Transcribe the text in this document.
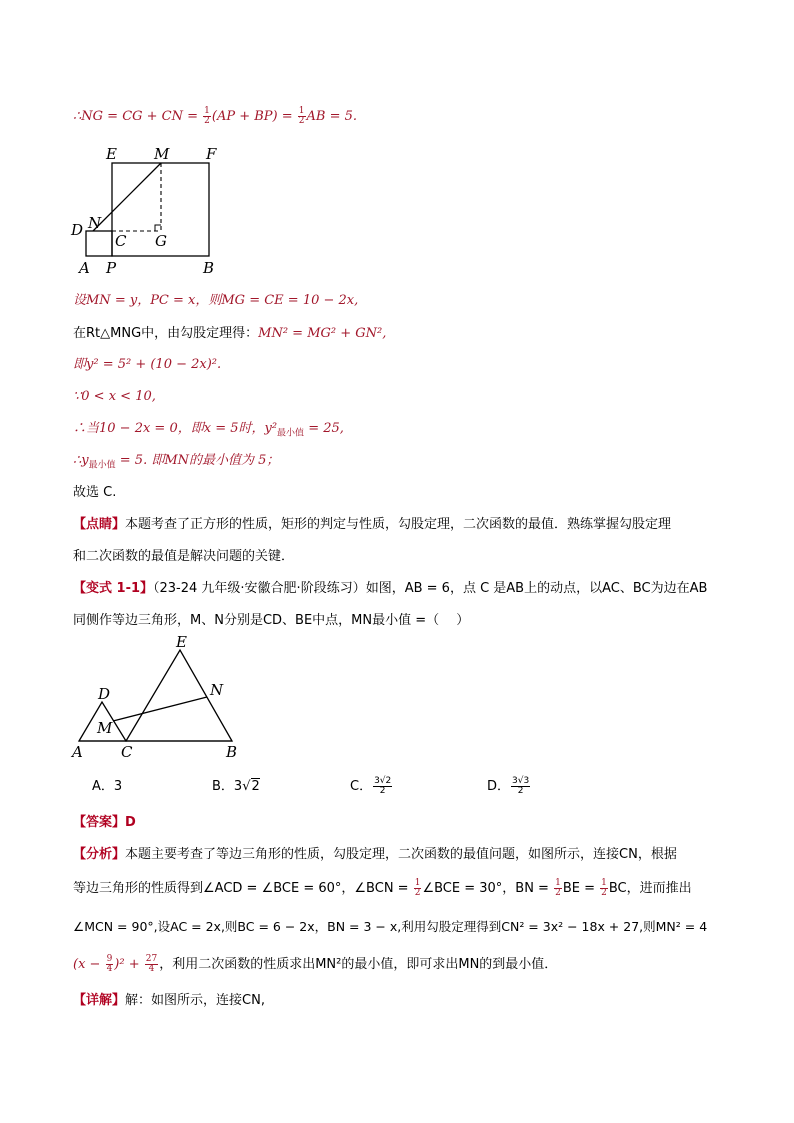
∴NG = CG + CN = $\frac{1}{2} (AP + BP) = \frac{1}{2}$ AB = 5.
E M F
N
D
C G
A P	B
设MN = y，PC = x，则MG = CE = 10 − 2x,
在Rt△MNG中，由勾股定理得：MN² = MG² + GN²,
即y² = 5² + (10 − 2x)².
∵0 < x < 10,
∴当10 − 2x = 0，即x = 5时，$y^2_{最小值} = 25$,
$\therefore y_{最小值} = 5$. 即MN的最小值为 5；
故选 C.
【点睛】本题考查了正方形的性质，矩形的判定与性质，勾股定理，二次函数的最值．熟练掌握勾股定理
和二次函数的最值是解决问题的关键．
【变式 1-1】（23-24 九年级·安徽合肥·阶段练习）如图，AB = 6，点 C 是AB上的动点，以AC、BC为边在AB
同侧作等边三角形，M、N分别是CD、BE中点，MN最小值 =（　 ）
E
D	N
M
A	C	B
A．3	B．3√2	C． $\frac{3√2}{2}$	D． $\frac{3√3}{2}$
【答案】D
【分析】本题主要考查了等边三角形的性质，勾股定理，二次函数的最值问题，如图所示，连接CN，根据
等边三角形的性质得到∠ACD = ∠BCE = 60°，∠BCN = $\frac{1}{2}$ ∠BCE = 30°，BN = $\frac{1}{2}$ BE = $\frac{1}{2}$ BC，进而推出
∠MCN = 90°,设AC = 2x,则BC = 6 − 2x，BN = 3 − x,利用勾股定理得到CN² = 3x² − 18x + 27,则MN² = 4
$(x - \frac{9}{4} )^2 + \frac{27}{4}$ ，利用二次函数的性质求出MN²的最小值，即可求出MN的到最小值．
【详解】解：如图所示，连接CN,
